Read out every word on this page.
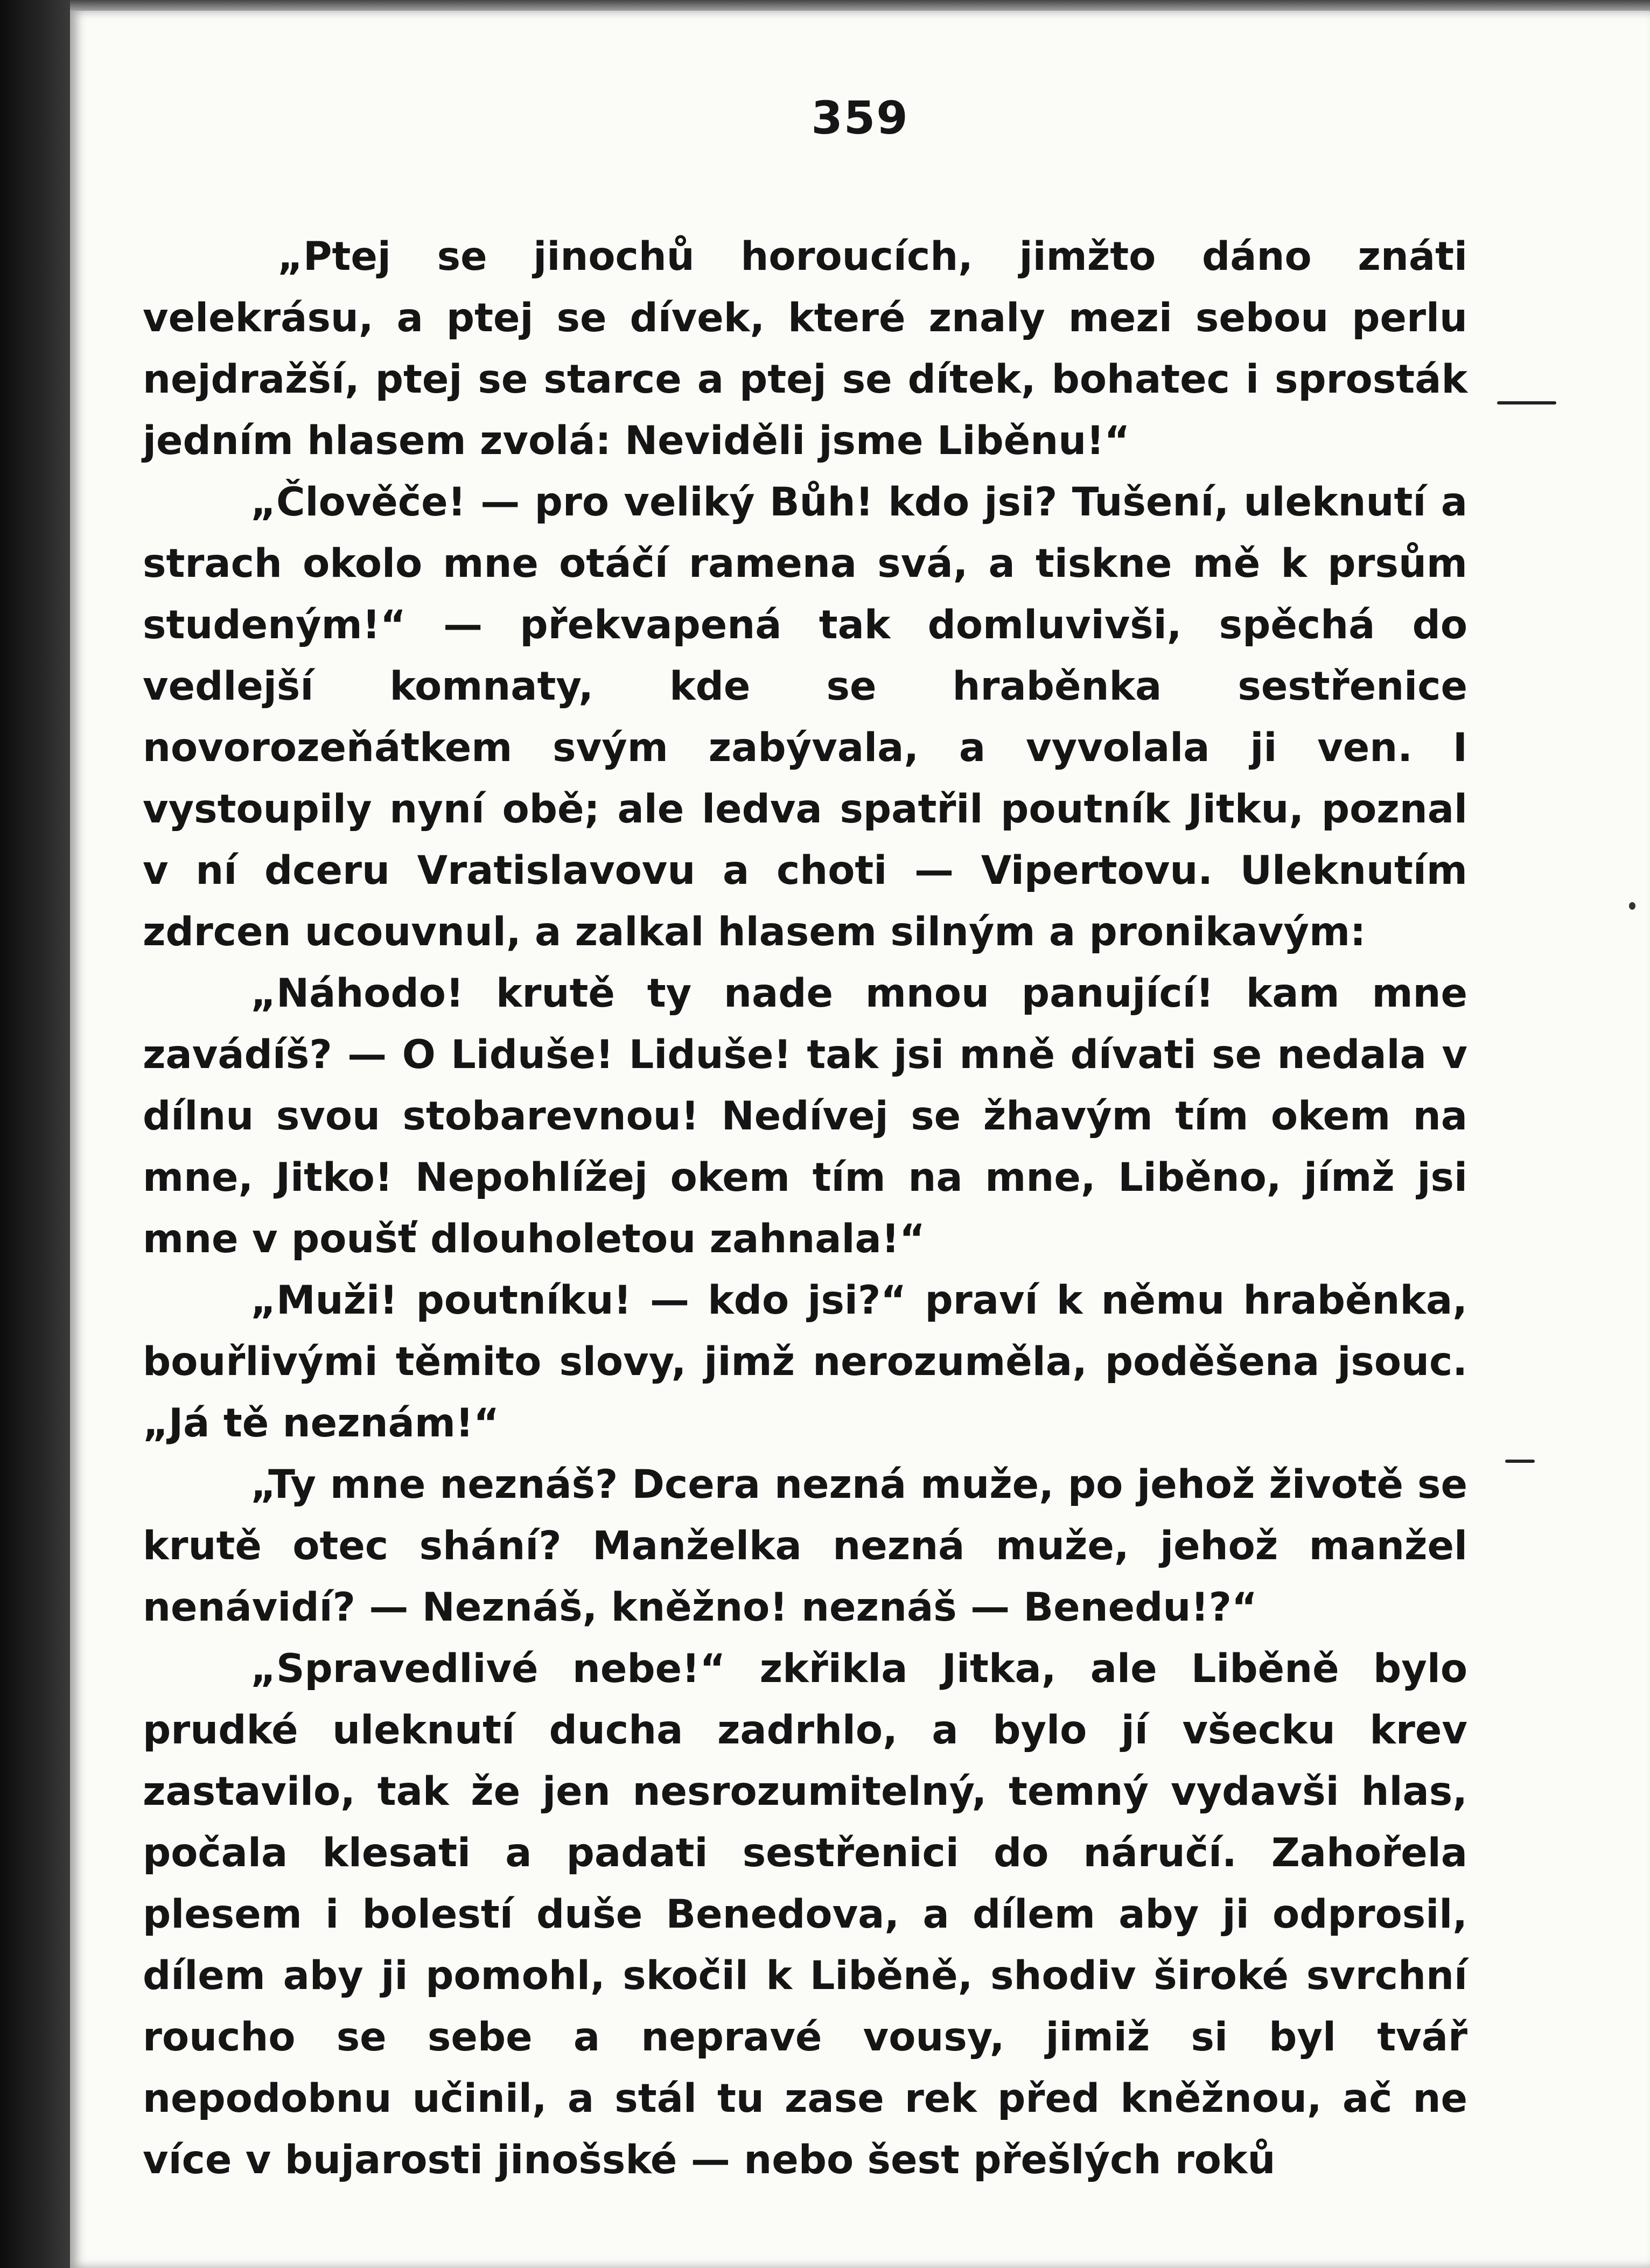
359

„Ptej se jinochů horoucích, jimžto dáno znáti velekrásu, a ptej se dívek, které znaly mezi sebou perlu nejdražší, ptej se starce a ptej se dítek, bohatec i sprosták jedním hlasem zvolá: Neviděli jsme Liběnu!“

„Člověče! — pro veliký Bůh! kdo jsi? Tušení, uleknutí a strach okolo mne otáčí ramena svá, a tiskne mě k prsům studeným!“ — překvapená tak domluvivši, spěchá do vedlejší komnaty, kde se hraběnka sestřenice novorozeňátkem svým zabývala, a vyvolala ji ven. I vystoupily nyní obě; ale ledva spatřil poutník Jitku, poznal v ní dceru Vratislavovu a choti — Vipertovu. Uleknutím zdrcen ucouvnul, a zalkal hlasem silným a pronikavým:

„Náhodo! krutě ty nade mnou panující! kam mne zavádíš? — O Liduše! Liduše! tak jsi mně dívati se nedala v dílnu svou stobarevnou! Nedívej se žhavým tím okem na mne, Jitko! Nepohlížej okem tím na mne, Liběno, jímž jsi mne v poušť dlouholetou zahnala!“

„Muži! poutníku! — kdo jsi?“ praví k němu hraběnka, bouřlivými těmito slovy, jimž nerozuměla, poděšena jsouc. „Já tě neznám!“

„Ty mne neznáš? Dcera nezná muže, po jehož životě se krutě otec shání? Manželka nezná muže, jehož manžel nenávidí? — Neznáš, kněžno! neznáš — Benedu!?“

„Spravedlivé nebe!“ zkřikla Jitka, ale Liběně bylo prudké uleknutí ducha zadrhlo, a bylo jí všecku krev zastavilo, tak že jen nesrozumitelný, temný vydavši hlas, počala klesati a padati sestřenici do náručí. Zahořela plesem i bolestí duše Benedova, a dílem aby ji odprosil, dílem aby ji pomohl, skočil k Liběně, shodiv široké svrchní roucho se sebe a nepravé vousy, jimiž si byl tvář nepodobnu učinil, a stál tu zase rek před kněžnou, ač ne více v bujarosti jinošské — nebo šest přešlých roků
